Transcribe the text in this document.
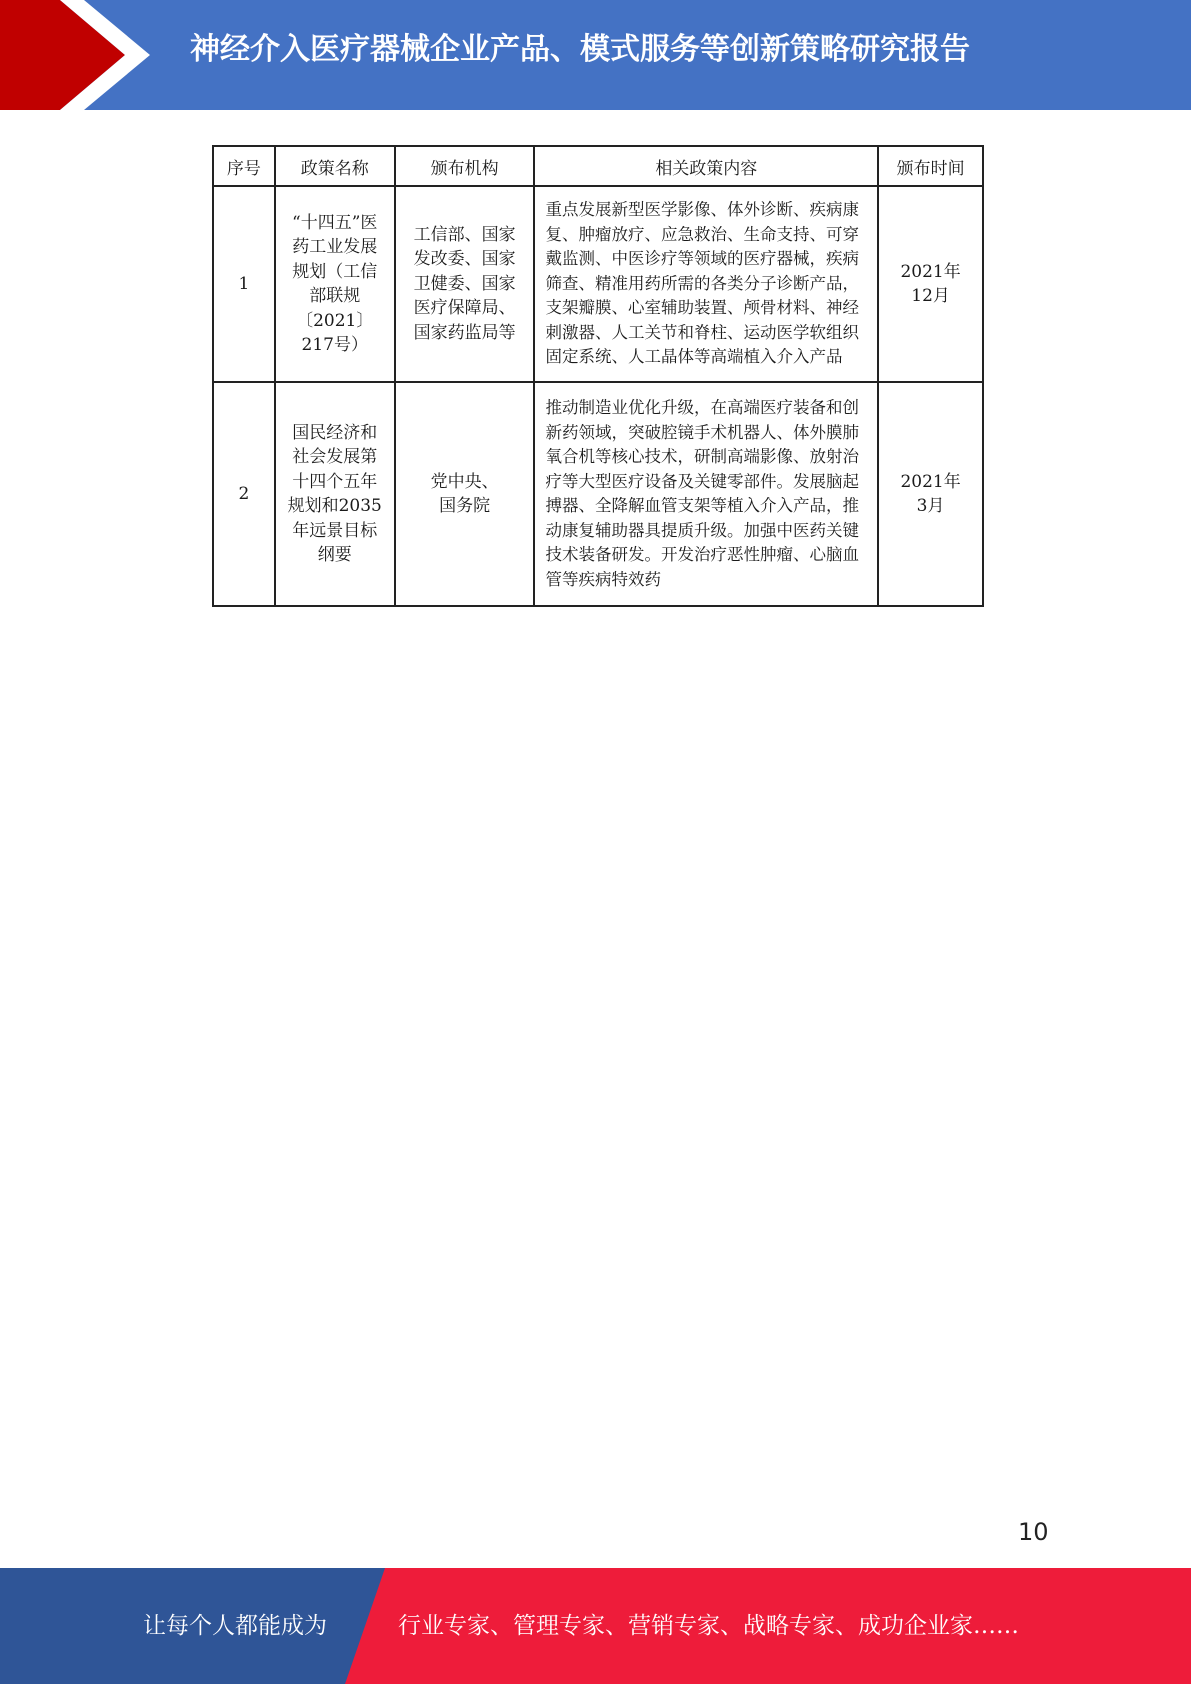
神经介入医疗器械企业产品、模式服务等创新策略研究报告
序号	政策名称	颁布机构	相关政策内容	颁布时间
1	“十四五”医药工业发展规划（工信部联规〔2021〕217号）	工信部、国家发改委、国家卫健委、国家医疗保障局、国家药监局等	重点发展新型医学影像、体外诊断、疾病康复、肿瘤放疗、应急救治、生命支持、可穿戴监测、中医诊疗等领域的医疗器械，疾病筛查、精准用药所需的各类分子诊断产品，支架瓣膜、心室辅助装置、颅骨材料、神经刺激器、人工关节和脊柱、运动医学软组织固定系统、人工晶体等高端植入介入产品	2021年12月
2	国民经济和社会发展第十四个五年规划和2035年远景目标纲要	党中央、国务院	推动制造业优化升级，在高端医疗装备和创新药领域，突破腔镜手术机器人、体外膜肺氧合机等核心技术，研制高端影像、放射治疗等大型医疗设备及关键零部件。发展脑起搏器、全降解血管支架等植入介入产品，推动康复辅助器具提质升级。加强中医药关键技术装备研发。开发治疗恶性肿瘤、心脑血管等疾病特效药	2021年3月
10
让每个人都能成为	行业专家、管理专家、营销专家、战略专家、成功企业家……
